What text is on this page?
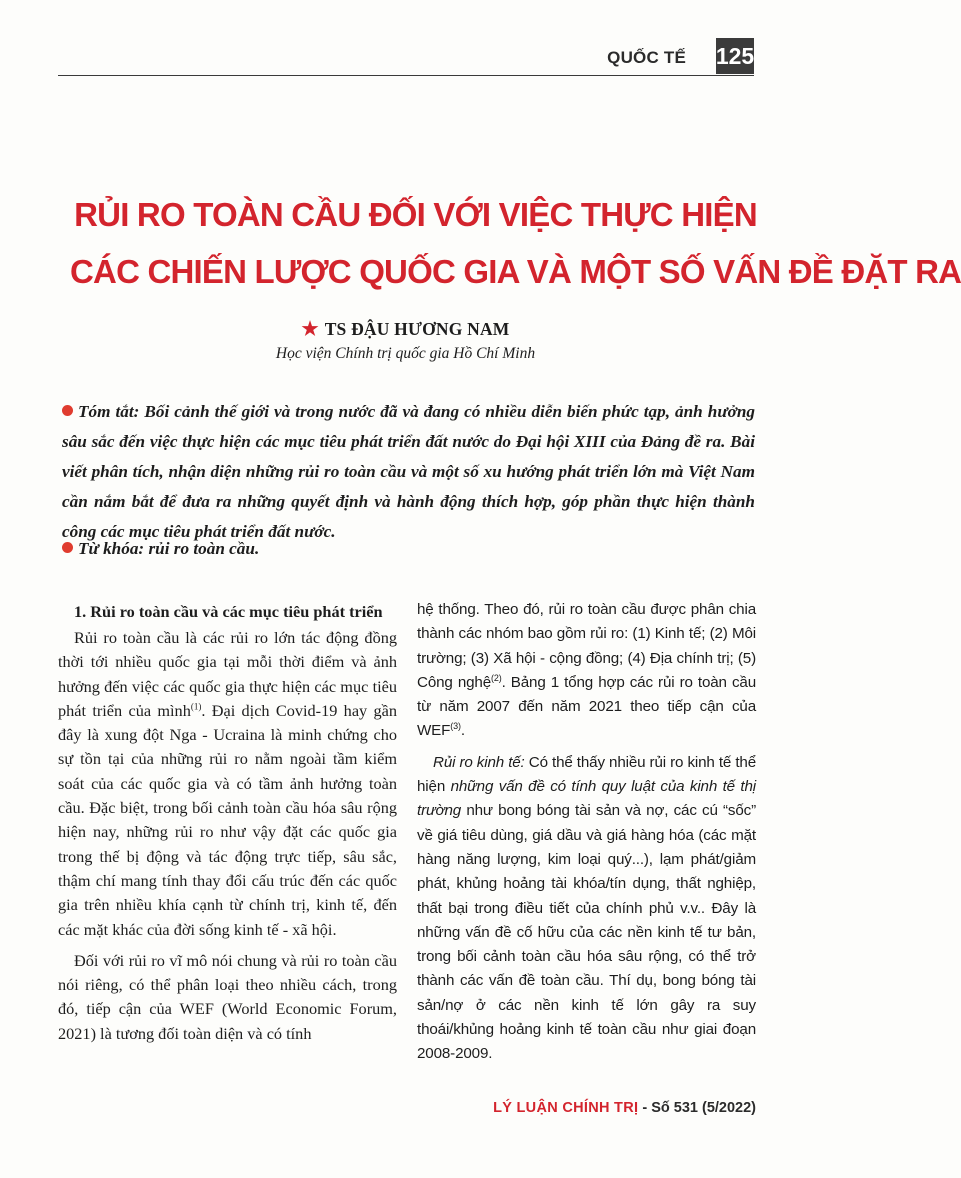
QUỐC TẾ 125
RỦI RO TOÀN CẦU ĐỐI VỚI VIỆC THỰC HIỆN
CÁC CHIẾN LƯỢC QUỐC GIA VÀ MỘT SỐ VẤN ĐỀ ĐẶT RA
★ TS ĐẬU HƯƠNG NAM
Học viện Chính trị quốc gia Hồ Chí Minh
Tóm tắt: Bối cảnh thế giới và trong nước đã và đang có nhiều diễn biến phức tạp, ảnh hưởng sâu sắc đến việc thực hiện các mục tiêu phát triển đất nước do Đại hội XIII của Đảng đề ra. Bài viết phân tích, nhận diện những rủi ro toàn cầu và một số xu hướng phát triển lớn mà Việt Nam cần nắm bắt để đưa ra những quyết định và hành động thích hợp, góp phần thực hiện thành công các mục tiêu phát triển đất nước.
Từ khóa: rủi ro toàn cầu.
1. Rủi ro toàn cầu và các mục tiêu phát triển

Rủi ro toàn cầu là các rủi ro lớn tác động đồng thời tới nhiều quốc gia tại mỗi thời điểm và ảnh hưởng đến việc các quốc gia thực hiện các mục tiêu phát triển của mình$^{(1)}$. Đại dịch Covid-19 hay gần đây là xung đột Nga - Ucraina là minh chứng cho sự tồn tại của những rủi ro nằm ngoài tầm kiểm soát của các quốc gia và có tầm ảnh hưởng toàn cầu. Đặc biệt, trong bối cảnh toàn cầu hóa sâu rộng hiện nay, những rủi ro như vậy đặt các quốc gia trong thế bị động và tác động trực tiếp, sâu sắc, thậm chí mang tính thay đổi cấu trúc đến các quốc gia trên nhiều khía cạnh từ chính trị, kinh tế, đến các mặt khác của đời sống kinh tế - xã hội.

Đối với rủi ro vĩ mô nói chung và rủi ro toàn cầu nói riêng, có thể phân loại theo nhiều cách, trong đó, tiếp cận của WEF (World Economic Forum, 2021) là tương đối toàn diện và có tính

hệ thống. Theo đó, rủi ro toàn cầu được phân chia thành các nhóm bao gồm rủi ro: (1) Kinh tế; (2) Môi trường; (3) Xã hội - cộng đồng; (4) Địa chính trị; (5) Công nghệ$^{(2)}$. Bảng 1 tổng hợp các rủi ro toàn cầu từ năm 2007 đến năm 2021 theo tiếp cận của WEF$^{(3)}$.

Rủi ro kinh tế: Có thể thấy nhiều rủi ro kinh tế thể hiện những vấn đề có tính quy luật của kinh tế thị trường như bong bóng tài sản và nợ, các cú “sốc” về giá tiêu dùng, giá dầu và giá hàng hóa (các mặt hàng năng lượng, kim loại quý...), lạm phát/giảm phát, khủng hoảng tài khóa/tín dụng, thất nghiệp, thất bại trong điều tiết của chính phủ v.v.. Đây là những vấn đề cố hữu của các nền kinh tế tư bản, trong bối cảnh toàn cầu hóa sâu rộng, có thể trở thành các vấn đề toàn cầu. Thí dụ, bong bóng tài sản/nợ ở các nền kinh tế lớn gây ra suy thoái/khủng hoảng kinh tế toàn cầu như giai đoạn 2008-2009.

LÝ LUẬN CHÍNH TRỊ - Số 531 (5/2022)
